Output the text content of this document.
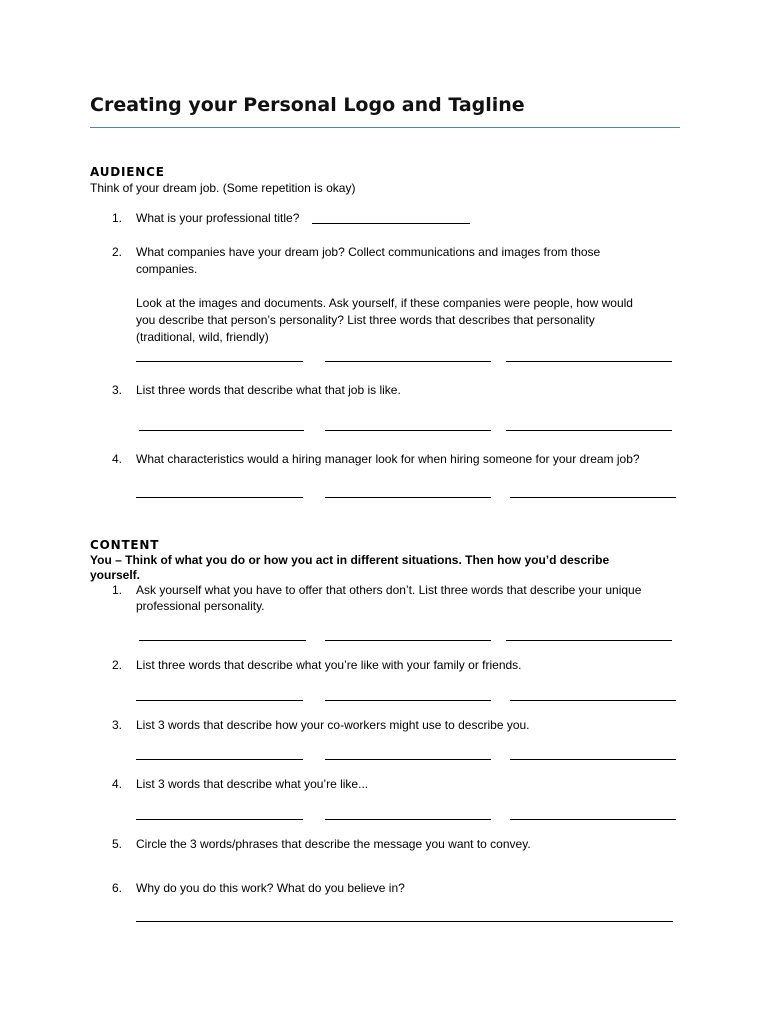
Creating your Personal Logo and Tagline
AUDIENCE
Think of your dream job. (Some repetition is okay)
1. What is your professional title?
2. What companies have your dream job? Collect communications and images from those
companies.
Look at the images and documents. Ask yourself, if these companies were people, how would
you describe that person’s personality? List three words that describes that personality
(traditional, wild, friendly)
3. List three words that describe what that job is like.
4. What characteristics would a hiring manager look for when hiring someone for your dream job?
CONTENT
You – Think of what you do or how you act in different situations. Then how you’d describe
yourself.
1. Ask yourself what you have to offer that others don’t. List three words that describe your unique
professional personality.
2. List three words that describe what you’re like with your family or friends.
3. List 3 words that describe how your co-workers might use to describe you.
4. List 3 words that describe what you’re like...
5. Circle the 3 words/phrases that describe the message you want to convey.
6. Why do you do this work? What do you believe in?
